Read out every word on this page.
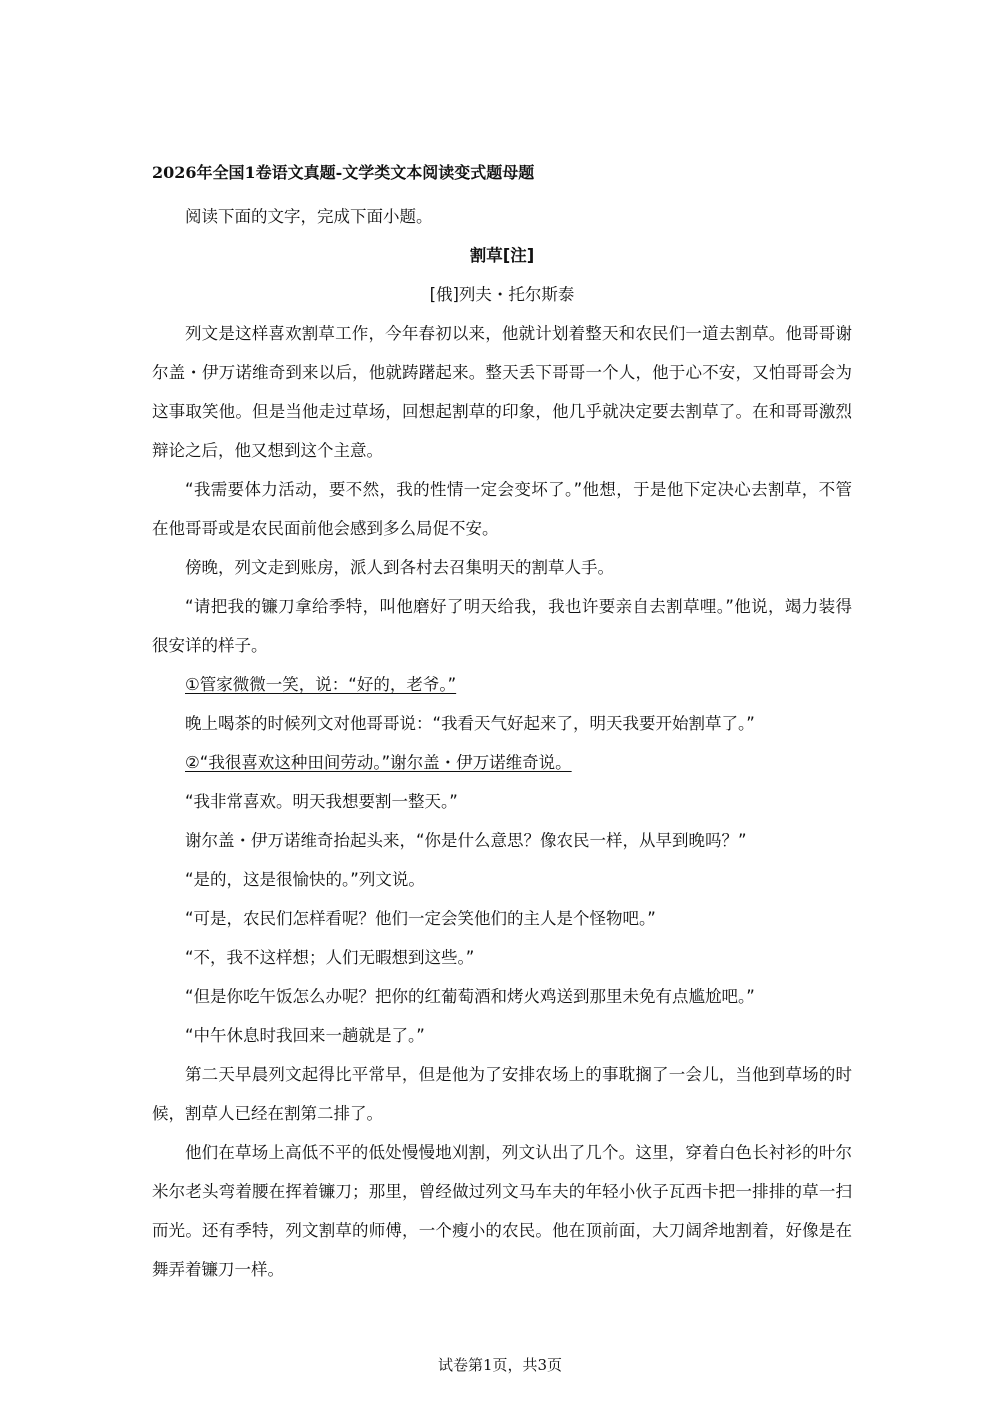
2026年全国1卷语文真题-文学类文本阅读变式题母题

阅读下面的文字，完成下面小题。

割草[注]

[俄]列夫・托尔斯泰

列文是这样喜欢割草工作，今年春初以来，他就计划着整天和农民们一道去割草。他哥哥谢尔盖・伊万诺维奇到来以后，他就踌躇起来。整天丢下哥哥一个人，他于心不安，又怕哥哥会为这事取笑他。但是当他走过草场，回想起割草的印象，他几乎就决定要去割草了。在和哥哥激烈辩论之后，他又想到这个主意。

“我需要体力活动，要不然，我的性情一定会变坏了。”他想，于是他下定决心去割草，不管在他哥哥或是农民面前他会感到多么局促不安。

傍晚，列文走到账房，派人到各村去召集明天的割草人手。

“请把我的镰刀拿给季特，叫他磨好了明天给我，我也许要亲自去割草哩。”他说，竭力装得很安详的样子。

①管家微微一笑，说：“好的，老爷。”

晚上喝茶的时候列文对他哥哥说：“我看天气好起来了，明天我要开始割草了。”

②“我很喜欢这种田间劳动。”谢尔盖・伊万诺维奇说。

“我非常喜欢。明天我想要割一整天。”

谢尔盖・伊万诺维奇抬起头来，“你是什么意思？像农民一样，从早到晚吗？”

“是的，这是很愉快的。”列文说。

“可是，农民们怎样看呢？他们一定会笑他们的主人是个怪物吧。”

“不，我不这样想；人们无暇想到这些。”

“但是你吃午饭怎么办呢？把你的红葡萄酒和烤火鸡送到那里未免有点尴尬吧。”

“中午休息时我回来一趟就是了。”

第二天早晨列文起得比平常早，但是他为了安排农场上的事耽搁了一会儿，当他到草场的时候，割草人已经在割第二排了。

他们在草场上高低不平的低处慢慢地刈割，列文认出了几个。这里，穿着白色长衬衫的叶尔米尔老头弯着腰在挥着镰刀；那里，曾经做过列文马车夫的年轻小伙子瓦西卡把一排排的草一扫而光。还有季特，列文割草的师傅，一个瘦小的农民。他在顶前面，大刀阔斧地割着，好像是在舞弄着镰刀一样。

试卷第1页，共3页
